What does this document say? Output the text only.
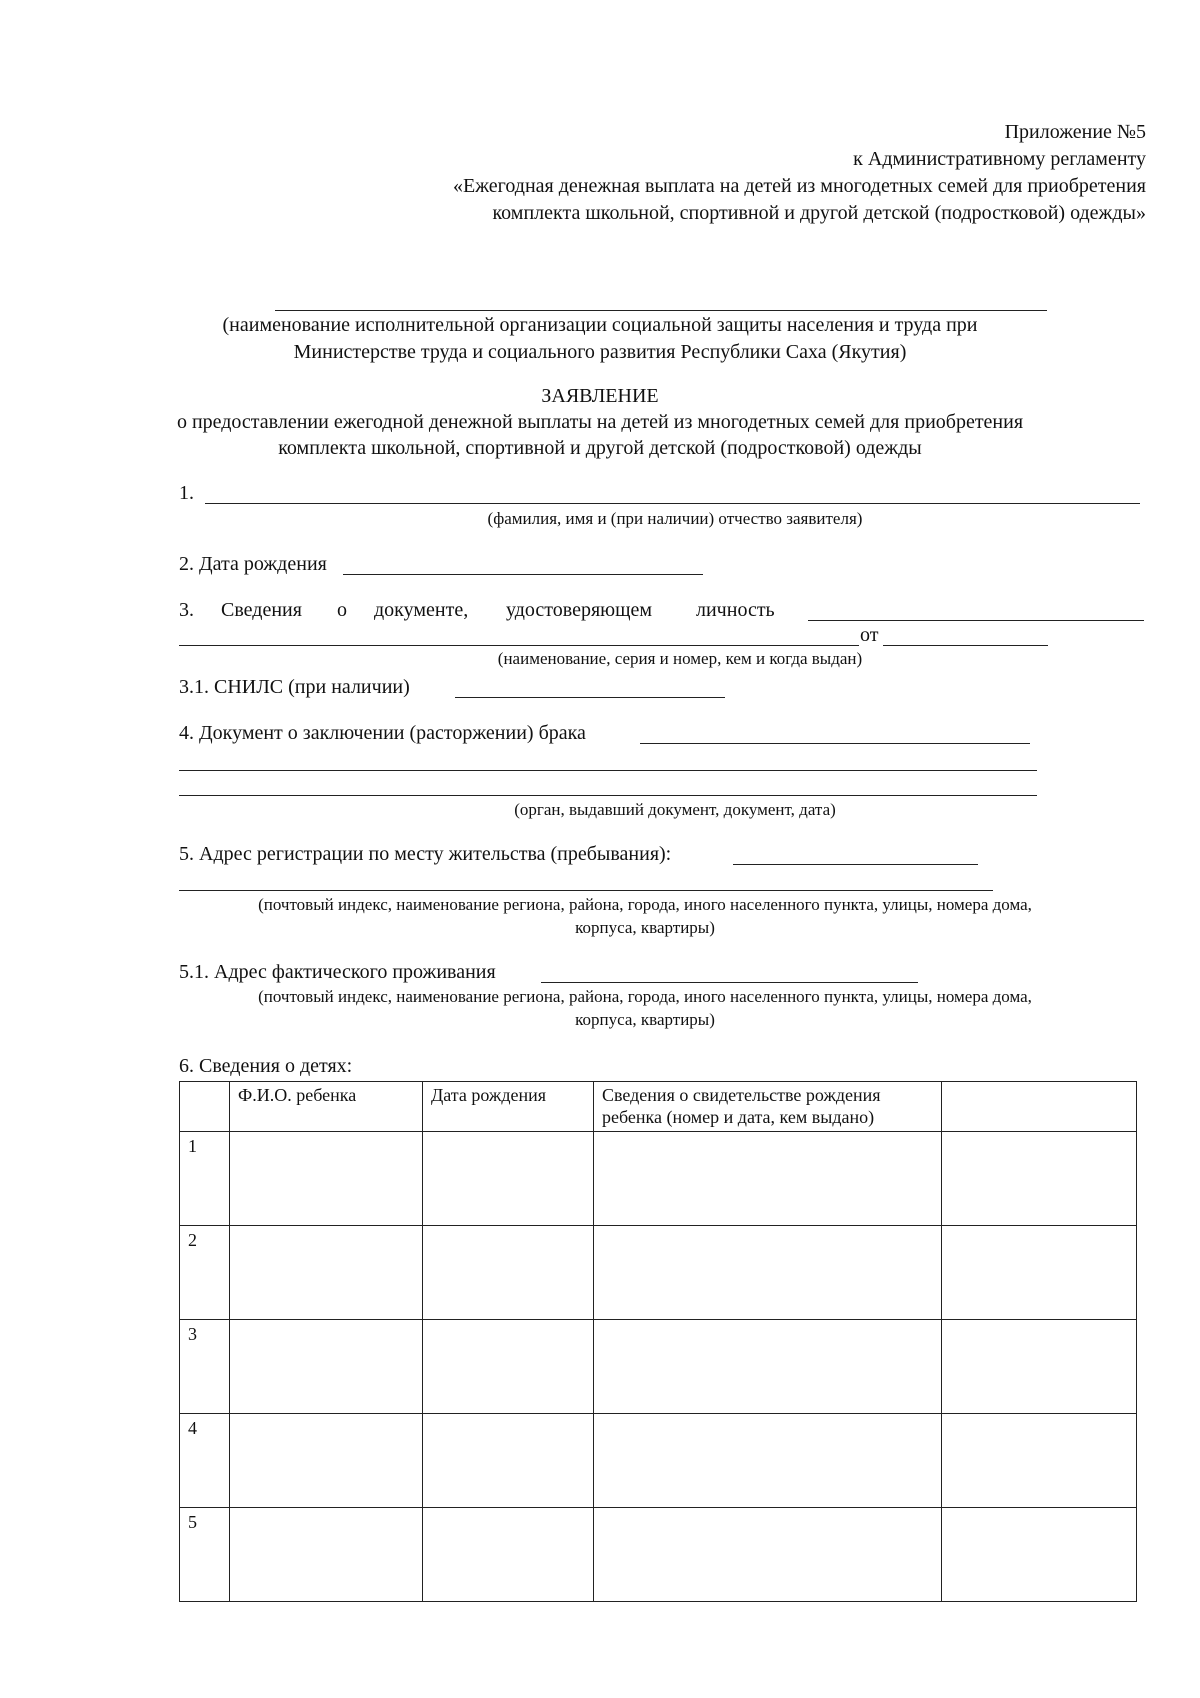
Приложение №5
к Административному регламенту
«Ежегодная денежная выплата на детей из многодетных семей для приобретения
комплекта школьной, спортивной и другой детской (подростковой) одежды»
(наименование исполнительной организации социальной защиты населения и труда при
Министерстве труда и социального развития Республики Саха (Якутия)
ЗАЯВЛЕНИЕ
о предоставлении ежегодной денежной выплаты на детей из многодетных семей для приобретения
комплекта школьной, спортивной и другой детской (подростковой) одежды
1.
(фамилия, имя и (при наличии) отчество заявителя)
2. Дата рождения
3. Сведения о документе, удостоверяющем личность
от
(наименование, серия и номер, кем и когда выдан)
3.1. СНИЛС (при наличии)
4. Документ о заключении (расторжении) брака
(орган, выдавший документ, документ, дата)
5. Адрес регистрации по месту жительства (пребывания):
(почтовый индекс, наименование региона, района, города, иного населенного пункта, улицы, номера дома,
корпуса, квартиры)
5.1. Адрес фактического проживания
(почтовый индекс, наименование региона, района, города, иного населенного пункта, улицы, номера дома,
корпуса, квартиры)
6. Сведения о детях:
	Ф.И.О. ребенка	Дата рождения	Сведения о свидетельстве рождения ребенка (номер и дата, кем выдано)	
1				
2				
3				
4				
5				
